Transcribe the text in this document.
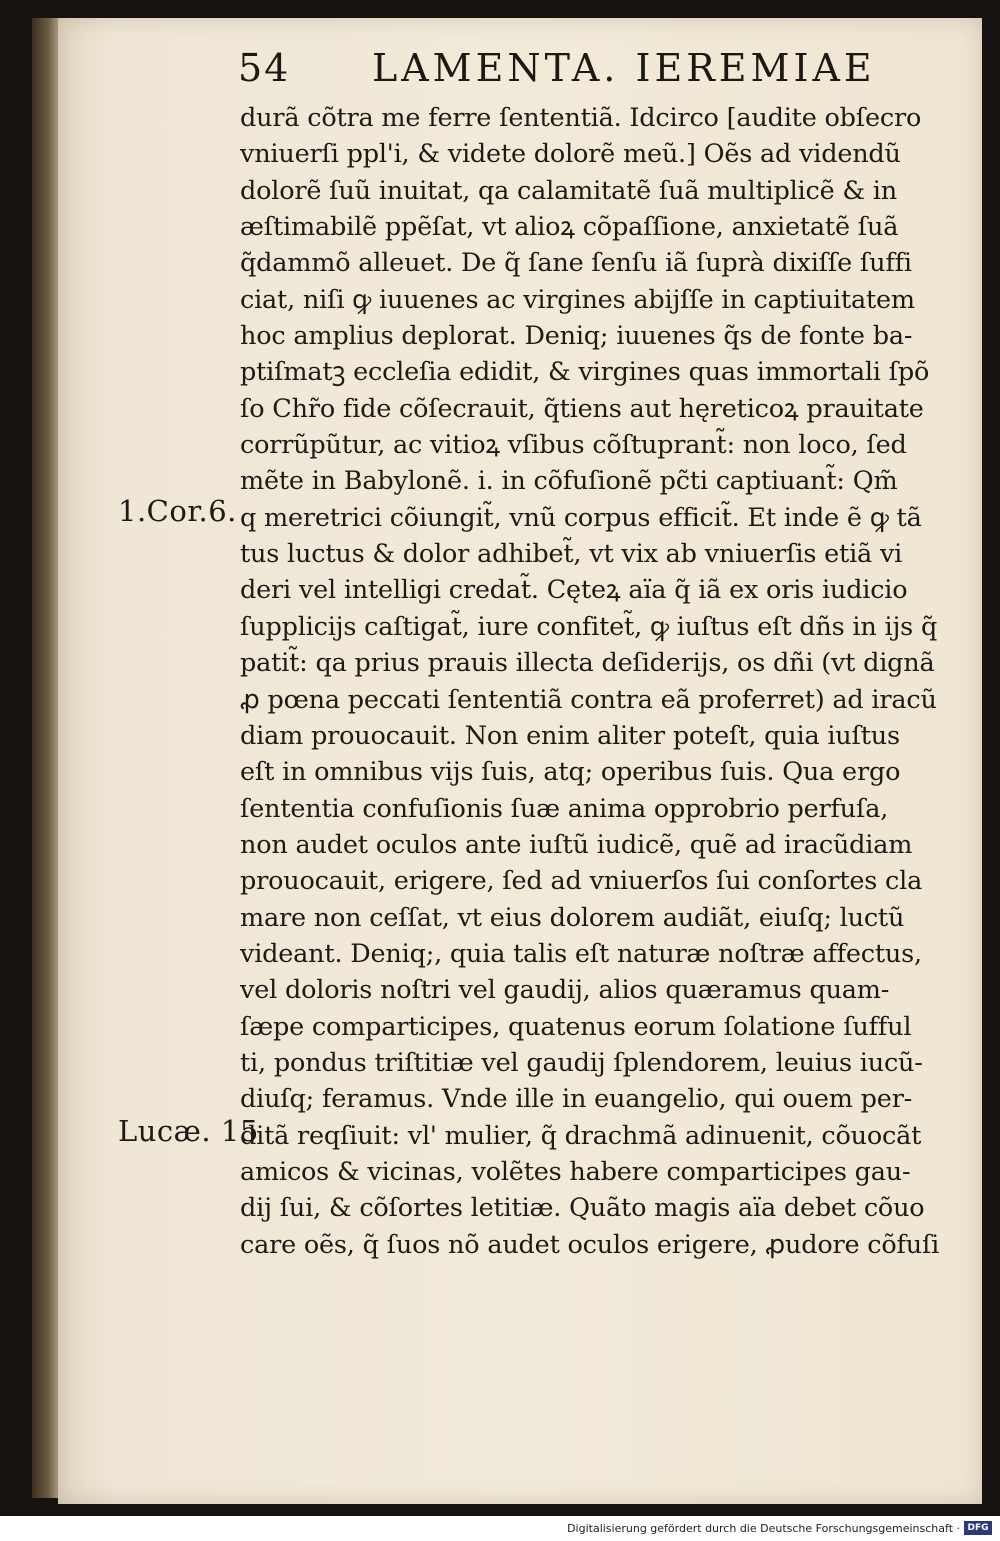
54 LAMENTA. IEREMIAE
1.Cor.6.
Lucæ. 15
durã cõtra me ferre ſententiã. Idcirco [audite obſecro
vniuerſi ppl'i, & videte dolorẽ meũ.] Oẽs ad videndũ
dolorẽ ſuũ inuitat, qa calamitatẽ ſuã multiplicẽ & in
æſtimabilẽ ppẽſat, vt alioꝝ cõpaſſione, anxietatẽ ſuã
q̃dammõ alleuet. De q̃ ſane ſenſu iã ſuprà dixiſſe ſuffi
ciat, niſi ꝙ iuuenes ac virgines abijſſe in captiuitatem
hoc amplius deplorat. Deniq; iuuenes q̃s de fonte ba-
ptiſmatꝫ eccleſia edidit, & virgines quas immortali ſpõ
ſo Chr̃o fide cõſecrauit, q̃tiens aut hęreticoꝝ prauitate
corrũpũtur, ac vitioꝝ vſibus cõſtuprant̃: non loco, ſed
mẽte in Babylonẽ. i. in cõfuſionẽ pc̃ti captiuant̃: Qm̃
q meretrici cõiungit̃, vnũ corpus efficit̃. Et inde ẽ ꝙ tã
tus luctus & dolor adhibet̃, vt vix ab vniuerſis etiã vi
deri vel intelligi credat̃. Cęteꝝ aïa q̃ iã ex oris iudicio
ſupplicijs caſtigat̃, iure confitet̃, ꝙ iuſtus eſt dñs in ijs q̃
patit̃: qa prius prauis illecta deſiderijs, os dñi (vt dignã
ꝓ pœna peccati ſententiã contra eã proferret) ad iracũ
diam prouocauit. Non enim aliter poteſt, quia iuſtus
eſt in omnibus vijs ſuis, atq; operibus ſuis. Qua ergo
ſententia confuſionis ſuæ anima opprobrio perfuſa,
non audet oculos ante iuſtũ iudicẽ, quẽ ad iracũdiam
prouocauit, erigere, ſed ad vniuerſos ſui conſortes cla
mare non ceſſat, vt eius dolorem audiãt, eiuſq; luctũ
videant. Deniq;, quia talis eſt naturæ noſtræ affectus,
vel doloris noſtri vel gaudij, alios quæramus quam-
ſæpe comparticipes, quatenus eorum ſolatione ſufful
ti, pondus triſtitiæ vel gaudij ſplendorem, leuius iucũ-
diuſq; feramus. Vnde ille in euangelio, qui ouem per-
ditã reqſiuit: vl' mulier, q̃ drachmã adinuenit, cõuocãt
amicos & vicinas, volẽtes habere comparticipes gau-
dij ſui, & cõſortes letitiæ. Quãto magis aïa debet cõuo
care oẽs, q̃ ſuos nõ audet oculos erigere, ꝓudore cõfuſi
Digitalisierung gefördert durch die Deutsche Forschungsgemeinschaft · DFG
